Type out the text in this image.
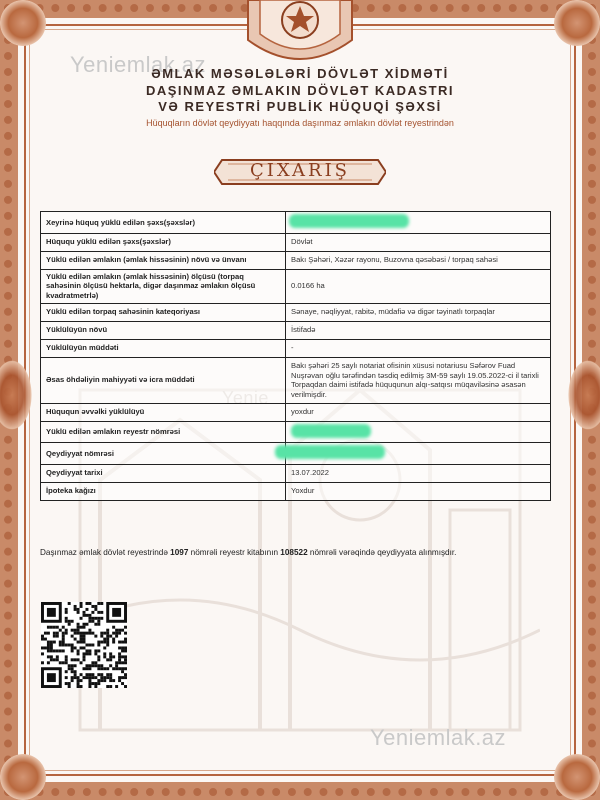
Yeniemlak.az
Yeniemlak.az
ƏMLAK MƏSƏLƏLƏRİ DÖVLƏT XİDMƏTİ
DAŞINMAZ ƏMLAKIN DÖVLƏT KADASTRI
VƏ REYESTRİ PUBLİK HÜQUQİ ŞƏXSİ
Hüquqların dövlət qeydiyyatı haqqında daşınmaz əmlakın dövlət reyestrindən
ÇIXARIŞ
Xeyrinə hüquq yüklü edilən şəxs(şəxslər)	
Hüququ yüklü edilən şəxs(şəxslər)	Dövlət
Yüklü edilən əmlakın (əmlak hissəsinin) növü və ünvanı	Bakı Şəhəri, Xəzər rayonu, Buzovna qəsəbəsi / torpaq sahəsi
Yüklü edilən əmlakın (əmlak hissəsinin) ölçüsü (torpaq sahəsinin ölçüsü hektarla, digər daşınmaz əmlakın ölçüsü kvadratmetrlə)	0.0166 ha
Yüklü edilən torpaq sahəsinin kateqoriyası	Sənaye, nəqliyyat, rabitə, müdafiə və digər təyinatlı torpaqlar
Yüklülüyün növü	İstifadə
Yüklülüyün müddəti	-
Əsas öhdəliyin mahiyyəti və icra müddəti	Bakı şəhəri 25 saylı notariat ofisinin xüsusi notariusu Səfərov Fuad Nuşrəvan oğlu tərəfindən təsdiq edilmiş 3M-59 saylı 19.05.2022-ci il tarixli Torpaqdan daimi istifadə hüququnun alqı-satqısı müqaviləsinə əsasən verilmişdir.
Hüququn əvvəlki yüklülüyü	yoxdur
Yüklü edilən əmlakın reyestr nömrəsi	
Qeydiyyat nömrəsi	
Qeydiyyat tarixi	13.07.2022
İpoteka kağızı	Yoxdur
Daşınmaz əmlak dövlət reyestrində 1097 nömrəli reyestr kitabının 108522 nömrəli vərəqində qeydiyyata alınmışdır.
